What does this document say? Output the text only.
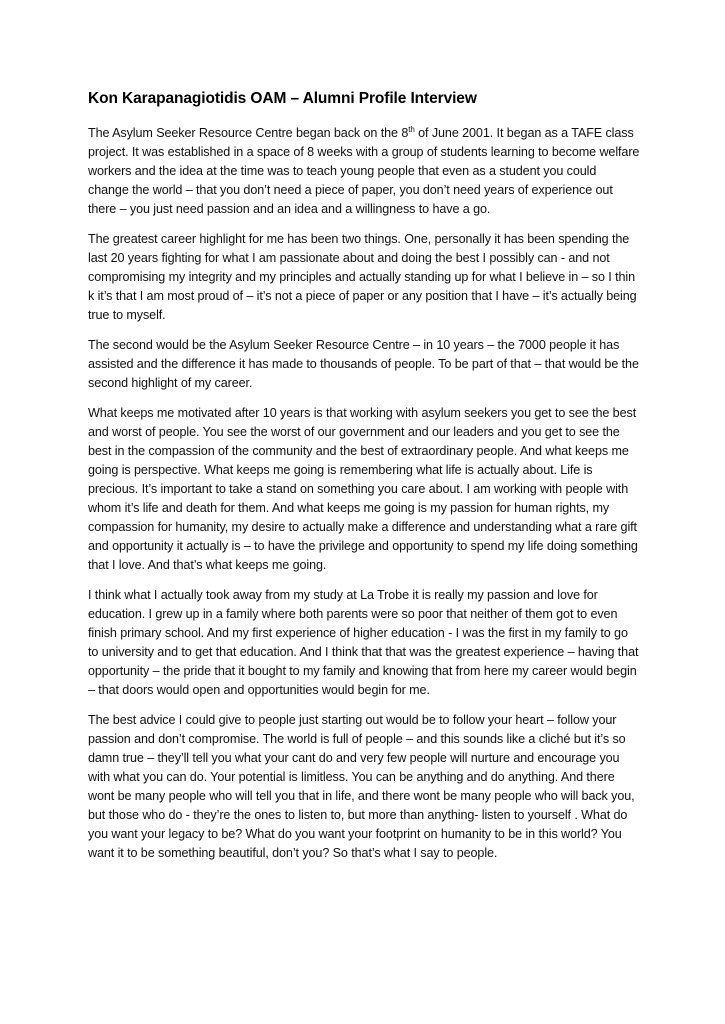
Kon Karapanagiotidis OAM – Alumni Profile Interview

The Asylum Seeker Resource Centre began back on the 8th of June 2001. It began as a TAFE class project. It was established in a space of 8 weeks with a group of students learning to become welfare workers and the idea at the time was to teach young people that even as a student you could change the world – that you don’t need a piece of paper, you don’t need years of experience out there – you just need passion and an idea and a willingness to have a go.

The greatest career highlight for me has been two things. One, personally it has been spending the last 20 years fighting for what I am passionate about and doing the best I possibly can - and not compromising my integrity and my principles and actually standing up for what I believe in – so I thin k it’s that I am most proud of – it’s not a piece of paper or any position that I have – it’s actually being true to myself.

The second would be the Asylum Seeker Resource Centre – in 10 years – the 7000 people it has assisted and the difference it has made to thousands of people. To be part of that – that would be the second highlight of my career.

What keeps me motivated after 10 years is that working with asylum seekers you get to see the best and worst of people. You see the worst of our government and our leaders and you get to see the best in the compassion of the community and the best of extraordinary people. And what keeps me going is perspective. What keeps me going is remembering what life is actually about. Life is precious. It’s important to take a stand on something you care about. I am working with people with whom it’s life and death for them. And what keeps me going is my passion for human rights, my compassion for humanity, my desire to actually make a difference and understanding what a rare gift and opportunity it actually is – to have the privilege and opportunity to spend my life doing something that I love. And that’s what keeps me going.

I think what I actually took away from my study at La Trobe it is really my passion and love for education. I grew up in a family where both parents were so poor that neither of them got to even finish primary school. And my first experience of higher education - I was the first in my family to go to university and to get that education. And I think that that was the greatest experience – having that opportunity – the pride that it bought to my family and knowing that from here my career would begin – that doors would open and opportunities would begin for me.

The best advice I could give to people just starting out would be to follow your heart – follow your passion and don’t compromise. The world is full of people – and this sounds like a cliché but it’s so damn true – they’ll tell you what your cant do and very few people will nurture and encourage you with what you can do. Your potential is limitless. You can be anything and do anything. And there wont be many people who will tell you that in life, and there wont be many people who will back you, but those who do - they’re the ones to listen to, but more than anything- listen to yourself . What do you want your legacy to be? What do you want your footprint on humanity to be in this world? You want it to be something beautiful, don’t you? So that’s what I say to people.
